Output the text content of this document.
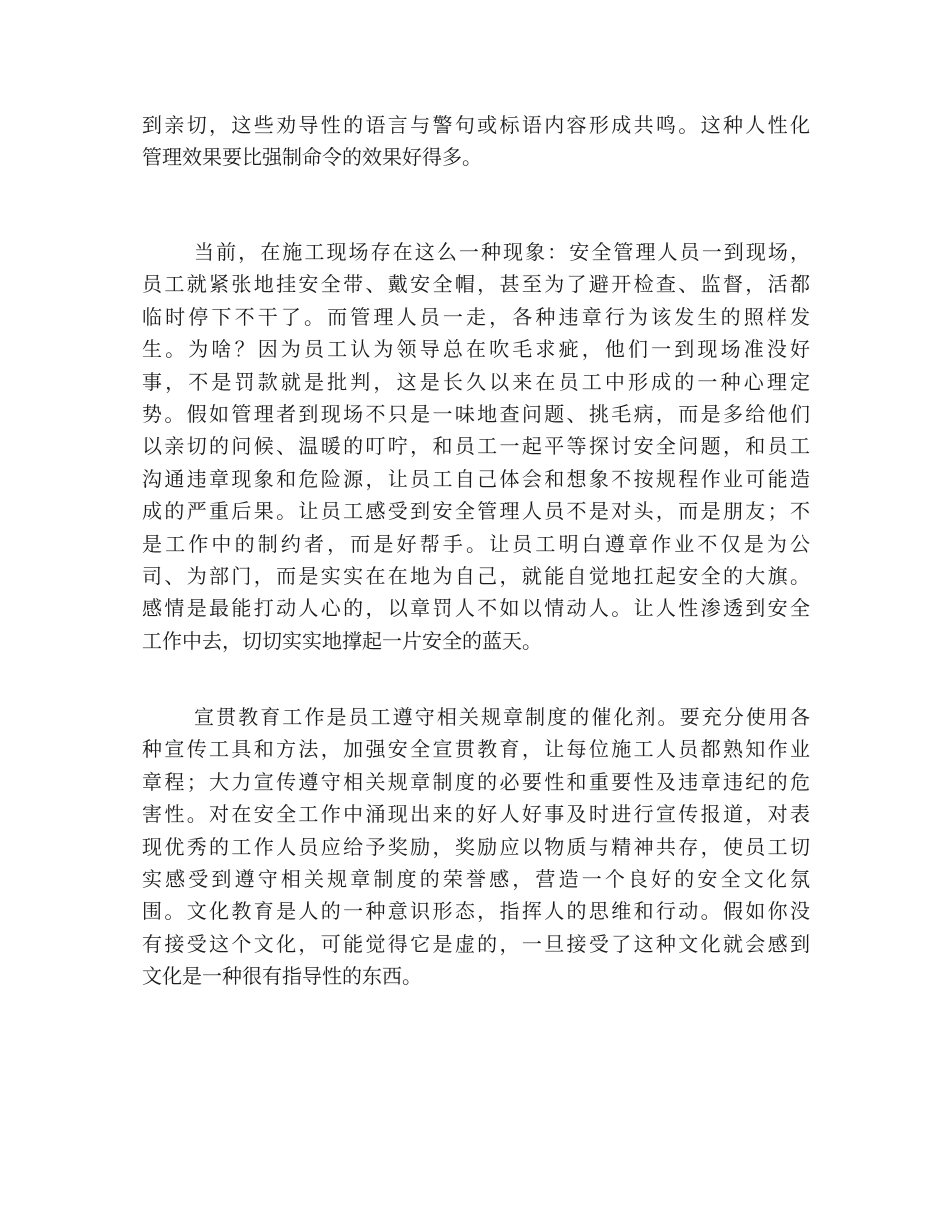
到亲切，这些劝导性的语言与警句或标语内容形成共鸣。这种人性化
管理效果要比强制命令的效果好得多。
当前，在施工现场存在这么一种现象：安全管理人员一到现场，
员工就紧张地挂安全带、戴安全帽，甚至为了避开检查、监督，活都
临时停下不干了。而管理人员一走，各种违章行为该发生的照样发
生。为啥？因为员工认为领导总在吹毛求疵，他们一到现场准没好
事，不是罚款就是批判，这是长久以来在员工中形成的一种心理定
势。假如管理者到现场不只是一味地查问题、挑毛病，而是多给他们
以亲切的问候、温暖的叮咛，和员工一起平等探讨安全问题，和员工
沟通违章现象和危险源，让员工自己体会和想象不按规程作业可能造
成的严重后果。让员工感受到安全管理人员不是对头，而是朋友；不
是工作中的制约者，而是好帮手。让员工明白遵章作业不仅是为公
司、为部门，而是实实在在地为自己，就能自觉地扛起安全的大旗。
感情是最能打动人心的，以章罚人不如以情动人。让人性渗透到安全
工作中去，切切实实地撑起一片安全的蓝天。
宣贯教育工作是员工遵守相关规章制度的催化剂。要充分使用各
种宣传工具和方法，加强安全宣贯教育，让每位施工人员都熟知作业
章程；大力宣传遵守相关规章制度的必要性和重要性及违章违纪的危
害性。对在安全工作中涌现出来的好人好事及时进行宣传报道，对表
现优秀的工作人员应给予奖励，奖励应以物质与精神共存，使员工切
实感受到遵守相关规章制度的荣誉感，营造一个良好的安全文化氛
围。文化教育是人的一种意识形态，指挥人的思维和行动。假如你没
有接受这个文化，可能觉得它是虚的，一旦接受了这种文化就会感到
文化是一种很有指导性的东西。
